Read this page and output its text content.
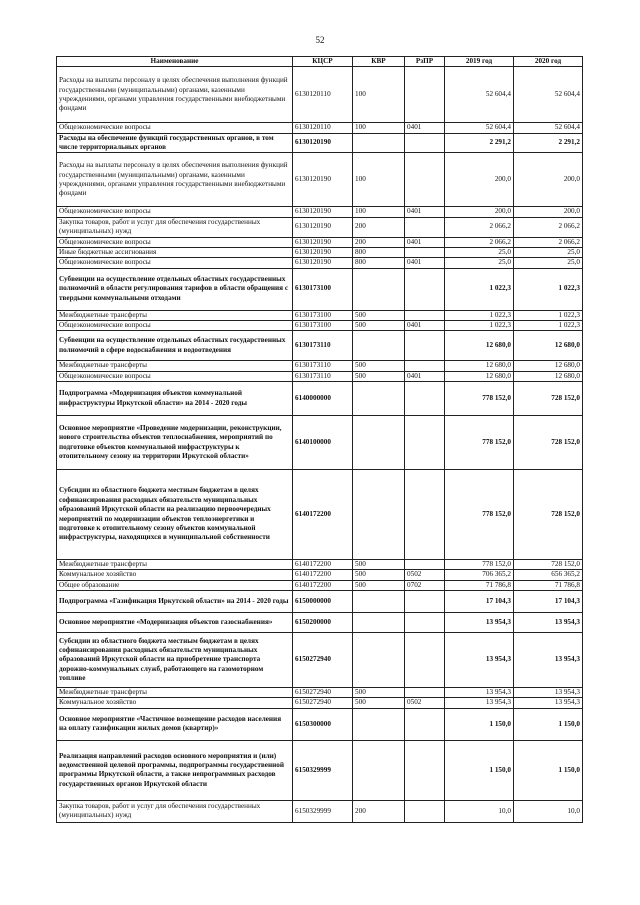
52
Наименование	КЦСР	КВР	РзПР	2019 год	2020 год
Расходы на выплаты персоналу в целях обеспечения выполнения функций государственными (муниципальными) органами, казенными учреждениями, органами управления государственными внебюджетными фондами	6130120110	100		52 604,4	52 604,4
Общеэкономические вопросы	6130120110	100	0401	52 604,4	52 604,4
Расходы на обеспечение функций государственных органов, в том числе территориальных органов	6130120190			2 291,2	2 291,2
Расходы на выплаты персоналу в целях обеспечения выполнения функций государственными (муниципальными) органами, казенными учреждениями, органами управления государственными внебюджетными фондами	6130120190	100		200,0	200,0
Общеэкономические вопросы	6130120190	100	0401	200,0	200,0
Закупка товаров, работ и услуг для обеспечения государственных (муниципальных) нужд	6130120190	200		2 066,2	2 066,2
Общеэкономические вопросы	6130120190	200	0401	2 066,2	2 066,2
Иные бюджетные ассигнования	6130120190	800		25,0	25,0
Общеэкономические вопросы	6130120190	800	0401	25,0	25,0
Субвенции на осуществление отдельных областных государственных полномочий в области регулирования тарифов в области обращения с твердыми коммунальными отходами	6130173100			1 022,3	1 022,3
Межбюджетные трансферты	6130173100	500		1 022,3	1 022,3
Общеэкономические вопросы	6130173100	500	0401	1 022,3	1 022,3
Субвенции на осуществление отдельных областных государственных полномочий в сфере водоснабжения и водоотведения	6130173110			12 680,0	12 680,0
Межбюджетные трансферты	6130173110	500		12 680,0	12 680,0
Общеэкономические вопросы	6130173110	500	0401	12 680,0	12 680,0
Подпрограмма «Модернизация объектов коммунальной инфраструктуры Иркутской области» на 2014 - 2020 годы	6140000000			778 152,0	728 152,0
Основное мероприятие «Проведение модернизации, реконструкции, нового строительства объектов теплоснабжения, мероприятий по подготовке объектов коммунальной инфраструктуры к отопительному сезону на территории Иркутской области»	6140100000			778 152,0	728 152,0
Субсидии из областного бюджета местным бюджетам в целях софинансирования расходных обязательств муниципальных образований Иркутской области на реализацию первоочередных мероприятий по модернизации объектов теплоэнергетики и подготовке к отопительному сезону объектов коммунальной инфраструктуры, находящихся в муниципальной собственности	6140172200			778 152,0	728 152,0
Межбюджетные трансферты	6140172200	500		778 152,0	728 152,0
Коммунальное хозяйство	6140172200	500	0502	706 365,2	656 365,2
Общее образование	6140172200	500	0702	71 786,8	71 786,8
Подпрограмма «Газификация Иркутской области» на 2014 - 2020 годы	6150000000			17 104,3	17 104,3
Основное мероприятие «Модернизация объектов газоснабжения»	6150200000			13 954,3	13 954,3
Субсидии из областного бюджета местным бюджетам в целях софинансирования расходных обязательств муниципальных образований Иркутской области на приобретение транспорта дорожно-коммунальных служб, работающего на газомоторном топливе	6150272940			13 954,3	13 954,3
Межбюджетные трансферты	6150272940	500		13 954,3	13 954,3
Коммунальное хозяйство	6150272940	500	0502	13 954,3	13 954,3
Основное мероприятие «Частичное возмещение расходов населения на оплату газификации жилых домов (квартир)»	6150300000			1 150,0	1 150,0
Реализация направлений расходов основного мероприятия и (или) ведомственной целевой программы, подпрограммы государственной программы Иркутской области, а также непрограммных расходов государственных органов Иркутской области	6150329999			1 150,0	1 150,0
Закупка товаров, работ и услуг для обеспечения государственных (муниципальных) нужд	6150329999	200		10,0	10,0
